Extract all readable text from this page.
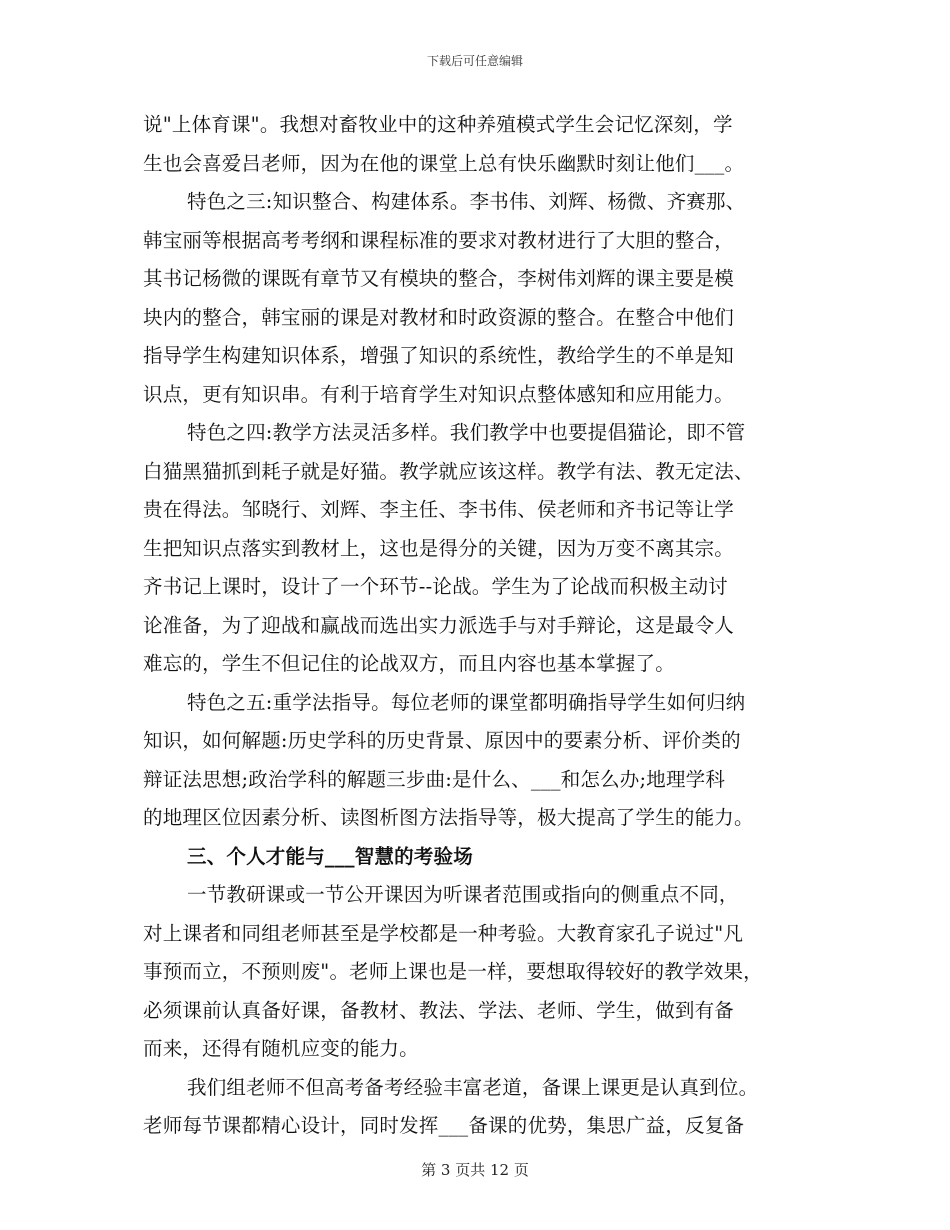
下载后可任意编辑
说"上体育课"。我想对畜牧业中的这种养殖模式学生会记忆深刻，学
生也会喜爱吕老师，因为在他的课堂上总有快乐幽默时刻让他们___。
特色之三:知识整合、构建体系。李书伟、刘辉、杨微、齐赛那、
韩宝丽等根据高考考纲和课程标准的要求对教材进行了大胆的整合，
其书记杨微的课既有章节又有模块的整合，李树伟刘辉的课主要是模
块内的整合，韩宝丽的课是对教材和时政资源的整合。在整合中他们
指导学生构建知识体系，增强了知识的系统性，教给学生的不单是知
识点，更有知识串。有利于培育学生对知识点整体感知和应用能力。
特色之四:教学方法灵活多样。我们教学中也要提倡猫论，即不管
白猫黑猫抓到耗子就是好猫。教学就应该这样。教学有法、教无定法、
贵在得法。邹晓行、刘辉、李主任、李书伟、侯老师和齐书记等让学
生把知识点落实到教材上，这也是得分的关键，因为万变不离其宗。
齐书记上课时，设计了一个环节--论战。学生为了论战而积极主动讨
论准备，为了迎战和赢战而选出实力派选手与对手辩论，这是最令人
难忘的，学生不但记住的论战双方，而且内容也基本掌握了。
特色之五:重学法指导。每位老师的课堂都明确指导学生如何归纳
知识，如何解题:历史学科的历史背景、原因中的要素分析、评价类的
辩证法思想;政治学科的解题三步曲:是什么、___和怎么办;地理学科
的地理区位因素分析、读图析图方法指导等，极大提高了学生的能力。
三、个人才能与___智慧的考验场
一节教研课或一节公开课因为听课者范围或指向的侧重点不同，
对上课者和同组老师甚至是学校都是一种考验。大教育家孔子说过"凡
事预而立，不预则废"。老师上课也是一样，要想取得较好的教学效果，
必须课前认真备好课，备教材、教法、学法、老师、学生，做到有备
而来，还得有随机应变的能力。
我们组老师不但高考备考经验丰富老道，备课上课更是认真到位。
老师每节课都精心设计，同时发挥___备课的优势，集思广益，反复备
第 3 页共 12 页
